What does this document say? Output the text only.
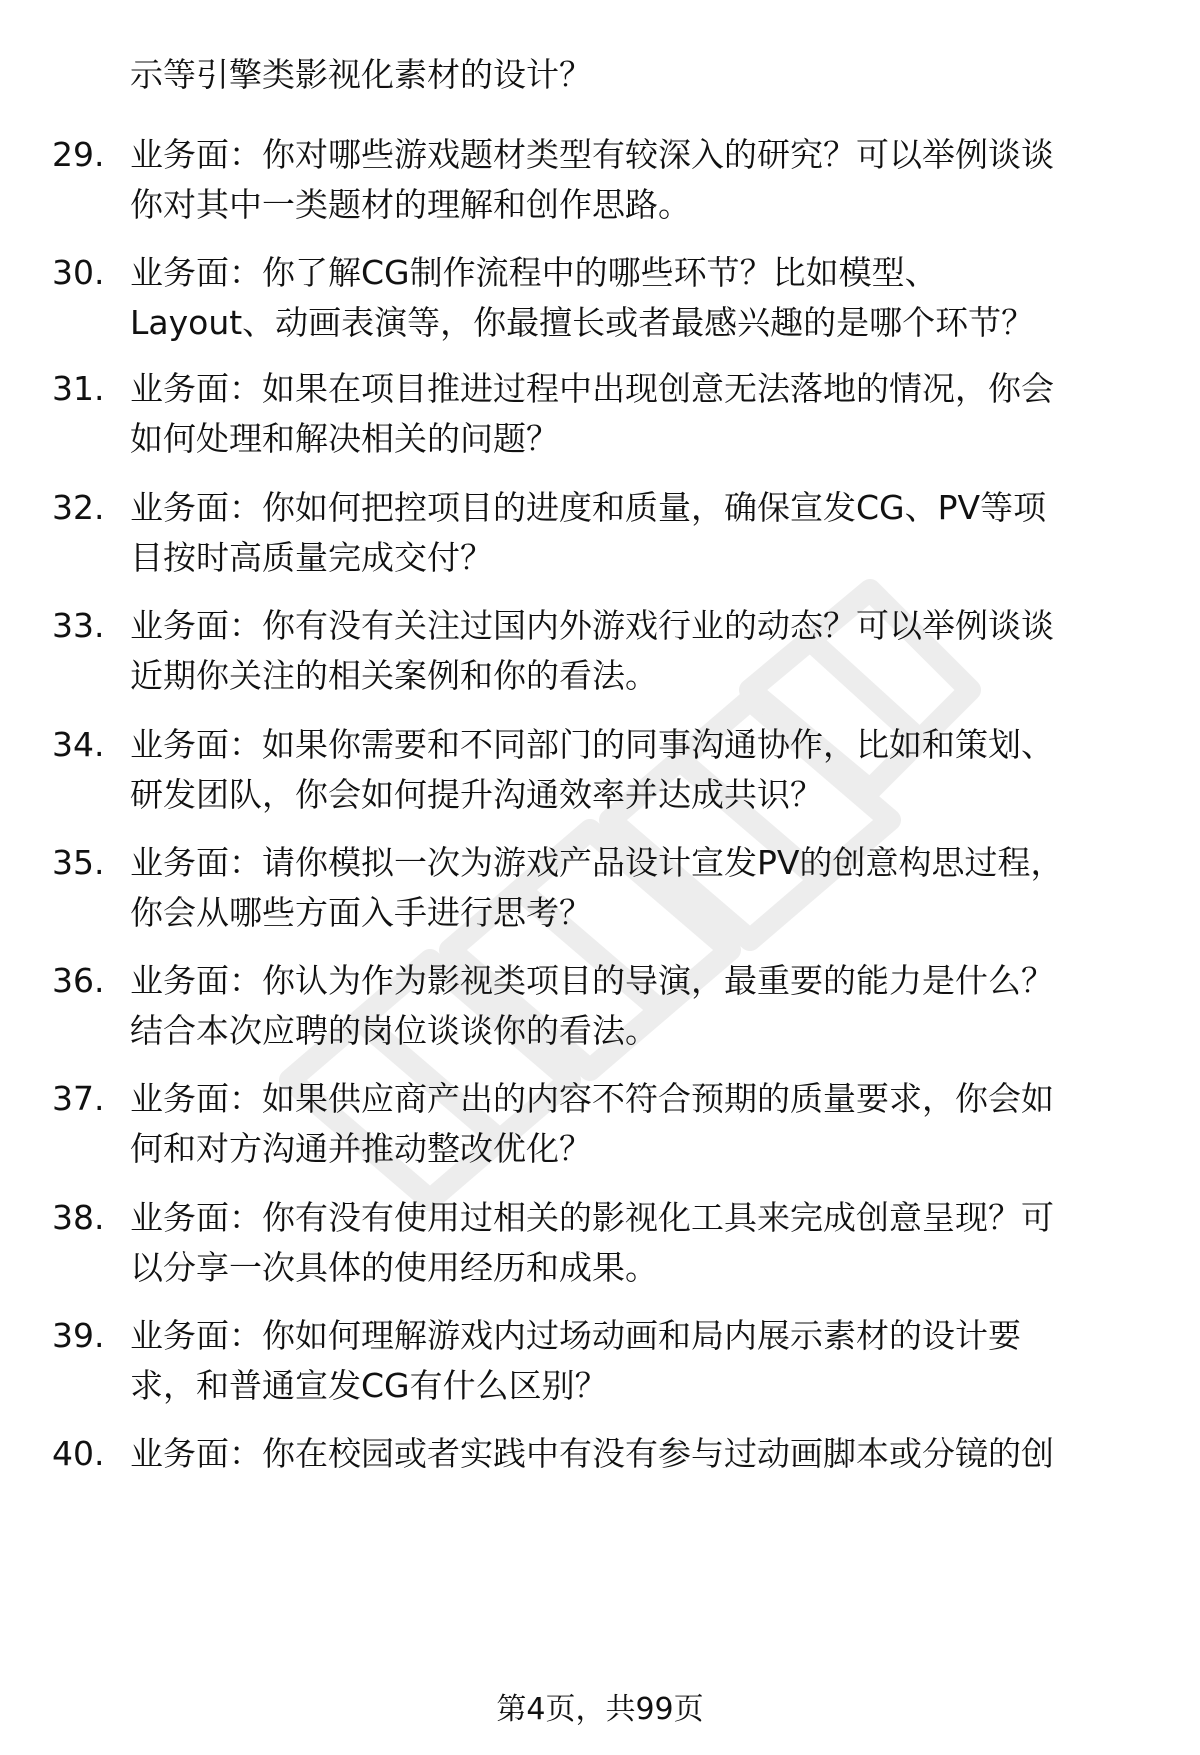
示等引擎类影视化素材的设计？
29. 业务面：你对哪些游戏题材类型有较深入的研究？可以举例谈谈
你对其中一类题材的理解和创作思路。
30. 业务面：你了解CG制作流程中的哪些环节？比如模型、
Layout、动画表演等，你最擅长或者最感兴趣的是哪个环节？
31. 业务面：如果在项目推进过程中出现创意无法落地的情况，你会
如何处理和解决相关的问题？
32. 业务面：你如何把控项目的进度和质量，确保宣发CG、PV等项
目按时高质量完成交付？
33. 业务面：你有没有关注过国内外游戏行业的动态？可以举例谈谈
近期你关注的相关案例和你的看法。
34. 业务面：如果你需要和不同部门的同事沟通协作，比如和策划、
研发团队，你会如何提升沟通效率并达成共识？
35. 业务面：请你模拟一次为游戏产品设计宣发PV的创意构思过程，
你会从哪些方面入手进行思考？
36. 业务面：你认为作为影视类项目的导演，最重要的能力是什么？
结合本次应聘的岗位谈谈你的看法。
37. 业务面：如果供应商产出的内容不符合预期的质量要求，你会如
何和对方沟通并推动整改优化？
38. 业务面：你有没有使用过相关的影视化工具来完成创意呈现？可
以分享一次具体的使用经历和成果。
39. 业务面：你如何理解游戏内过场动画和局内展示素材的设计要
求，和普通宣发CG有什么区别？
40. 业务面：你在校园或者实践中有没有参与过动画脚本或分镜的创
第4页，共99页
